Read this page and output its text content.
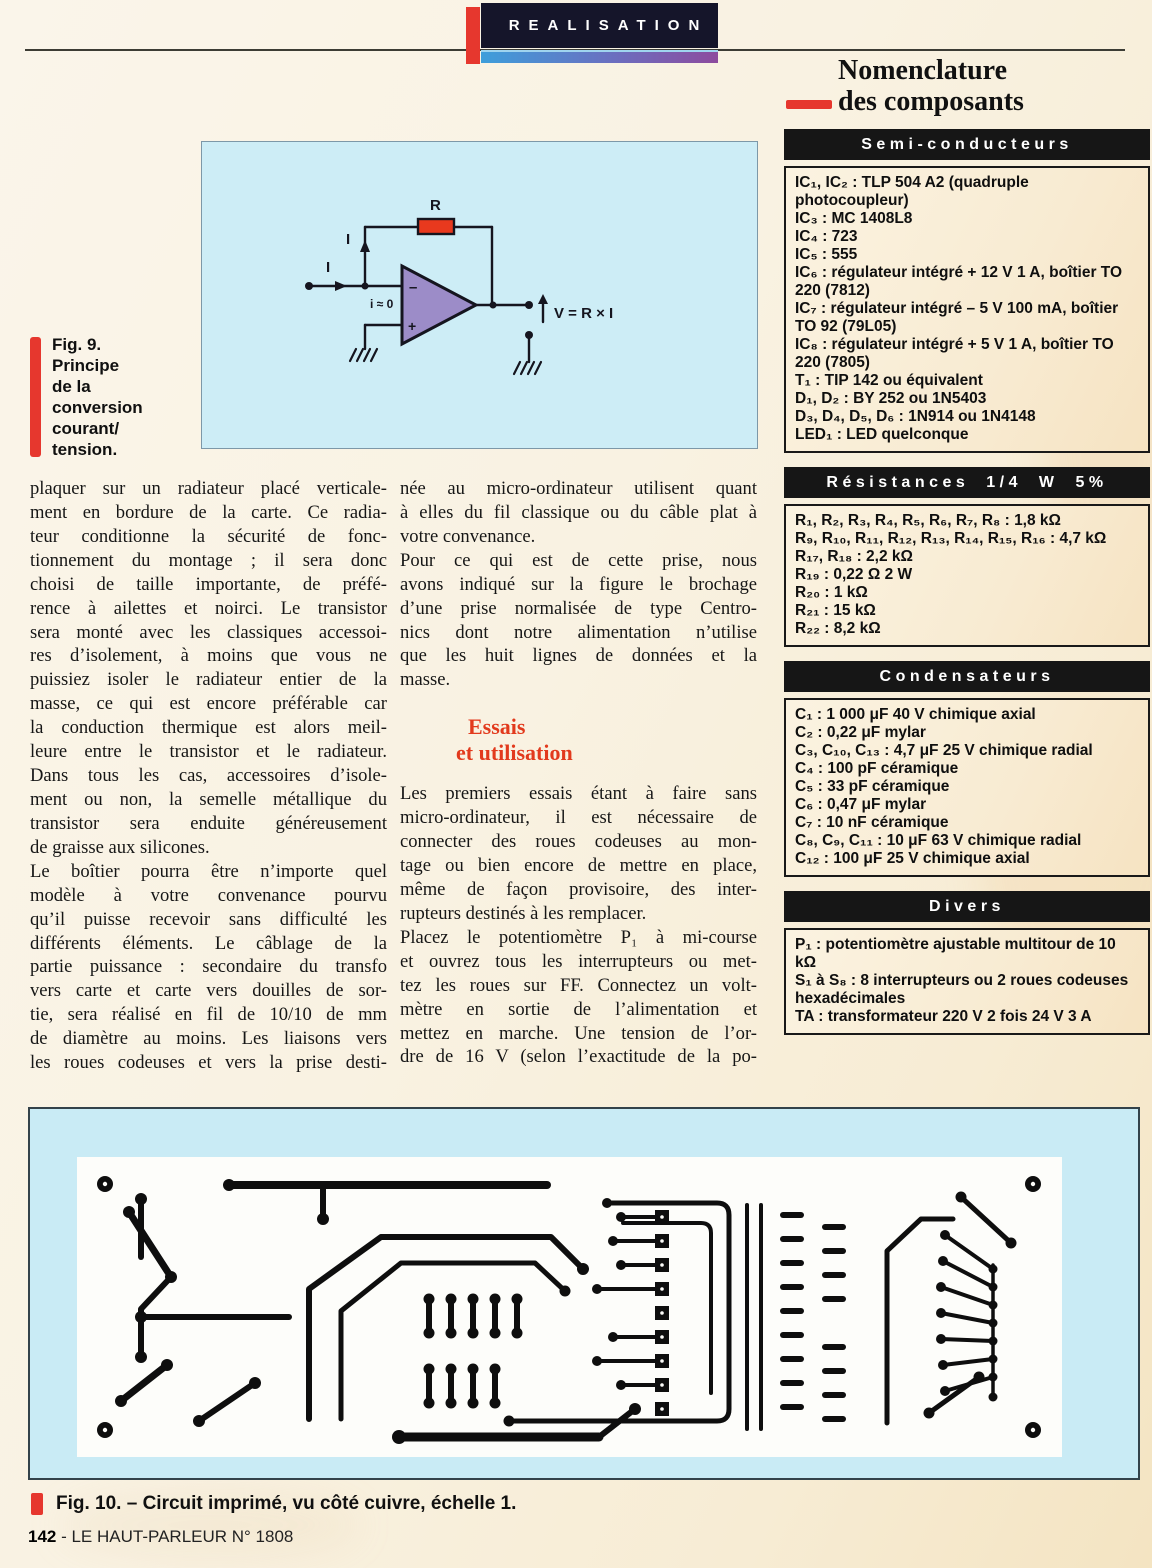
REALISATION
Nomenclature
des composants
Semi-conducteurs
IC₁, IC₂ : TLP 504 A2 (quadruple photocoupleur)
IC₃ : MC 1408L8
IC₄ : 723
IC₅ : 555
IC₆ : régulateur intégré + 12 V 1 A, boîtier TO 220 (7812)
IC₇ : régulateur intégré – 5 V 100 mA, boîtier TO 92 (79L05)
IC₈ : régulateur intégré + 5 V 1 A, boîtier TO 220 (7805)
T₁ : TIP 142 ou équivalent
D₁, D₂ : BY 252 ou 1N5403
D₃, D₄, D₅, D₆ : 1N914 ou 1N4148
LED₁ : LED quelconque
Résistances 1/4 W 5%
R₁, R₂, R₃, R₄, R₅, R₆, R₇, R₈ : 1,8 kΩ
R₉, R₁₀, R₁₁, R₁₂, R₁₃, R₁₄, R₁₅, R₁₆ : 4,7 kΩ
R₁₇, R₁₈ : 2,2 kΩ
R₁₉ : 0,22 Ω 2 W
R₂₀ : 1 kΩ
R₂₁ : 15 kΩ
R₂₂ : 8,2 kΩ
Condensateurs
C₁ : 1 000 μF 40 V chimique axial
C₂ : 0,22 μF mylar
C₃, C₁₀, C₁₃ : 4,7 μF 25 V chimique radial
C₄ : 100 pF céramique
C₅ : 33 pF céramique
C₆ : 0,47 μF mylar
C₇ : 10 nF céramique
C₈, C₉, C₁₁ : 10 μF 63 V chimique radial
C₁₂ : 100 μF 25 V chimique axial
Divers
P₁ : potentiomètre ajustable multitour de 10 kΩ
S₁ à S₈ : 8 interrupteurs ou 2 roues codeuses hexadécimales
TA : transformateur 220 V 2 fois 24 V 3 A
I
I
R
i ≈ 0
–
+
V = R × I
Fig. 9.
Principe
de la
conversion
courant/
tension.
plaquer sur un radiateur placé verticale-
ment en bordure de la carte. Ce radia-
teur conditionne la sécurité de fonc-
tionnement du montage ; il sera donc
choisi de taille importante, de préfé-
rence à ailettes et noirci. Le transistor
sera monté avec les classiques accessoi-
res d’isolement, à moins que vous ne
puissiez isoler le radiateur entier de la
masse, ce qui est encore préférable car
la conduction thermique est alors meil-
leure entre le transistor et le radiateur.
Dans tous les cas, accessoires d’isole-
ment ou non, la semelle métallique du
transistor sera enduite généreusement
de graisse aux silicones.
Le boîtier pourra être n’importe quel
modèle à votre convenance pourvu
qu’il puisse recevoir sans difficulté les
différents éléments. Le câblage de la
partie puissance : secondaire du transfo
vers carte et carte vers douilles de sor-
tie, sera réalisé en fil de 10/10 de mm
de diamètre au moins. Les liaisons vers
les roues codeuses et vers la prise desti-
née au micro-ordinateur utilisent quant
à elles du fil classique ou du câble plat à
votre convenance.
Pour ce qui est de cette prise, nous
avons indiqué sur la figure le brochage
d’une prise normalisée de type Centro-
nics dont notre alimentation n’utilise
que les huit lignes de données et la
masse.
Essais
et utilisation
Les premiers essais étant à faire sans
micro-ordinateur, il est nécessaire de
connecter des roues codeuses au mon-
tage ou bien encore de mettre en place,
même de façon provisoire, des inter-
rupteurs destinés à les remplacer.
Placez le potentiomètre P₁ à mi-course
et ouvrez tous les interrupteurs ou met-
tez les roues sur FF. Connectez un volt-
mètre en sortie de l’alimentation et
mettez en marche. Une tension de l’or-
dre de 16 V (selon l’exactitude de la po-
Fig. 10. – Circuit imprimé, vu côté cuivre, échelle 1.
142 - LE HAUT-PARLEUR N° 1808
